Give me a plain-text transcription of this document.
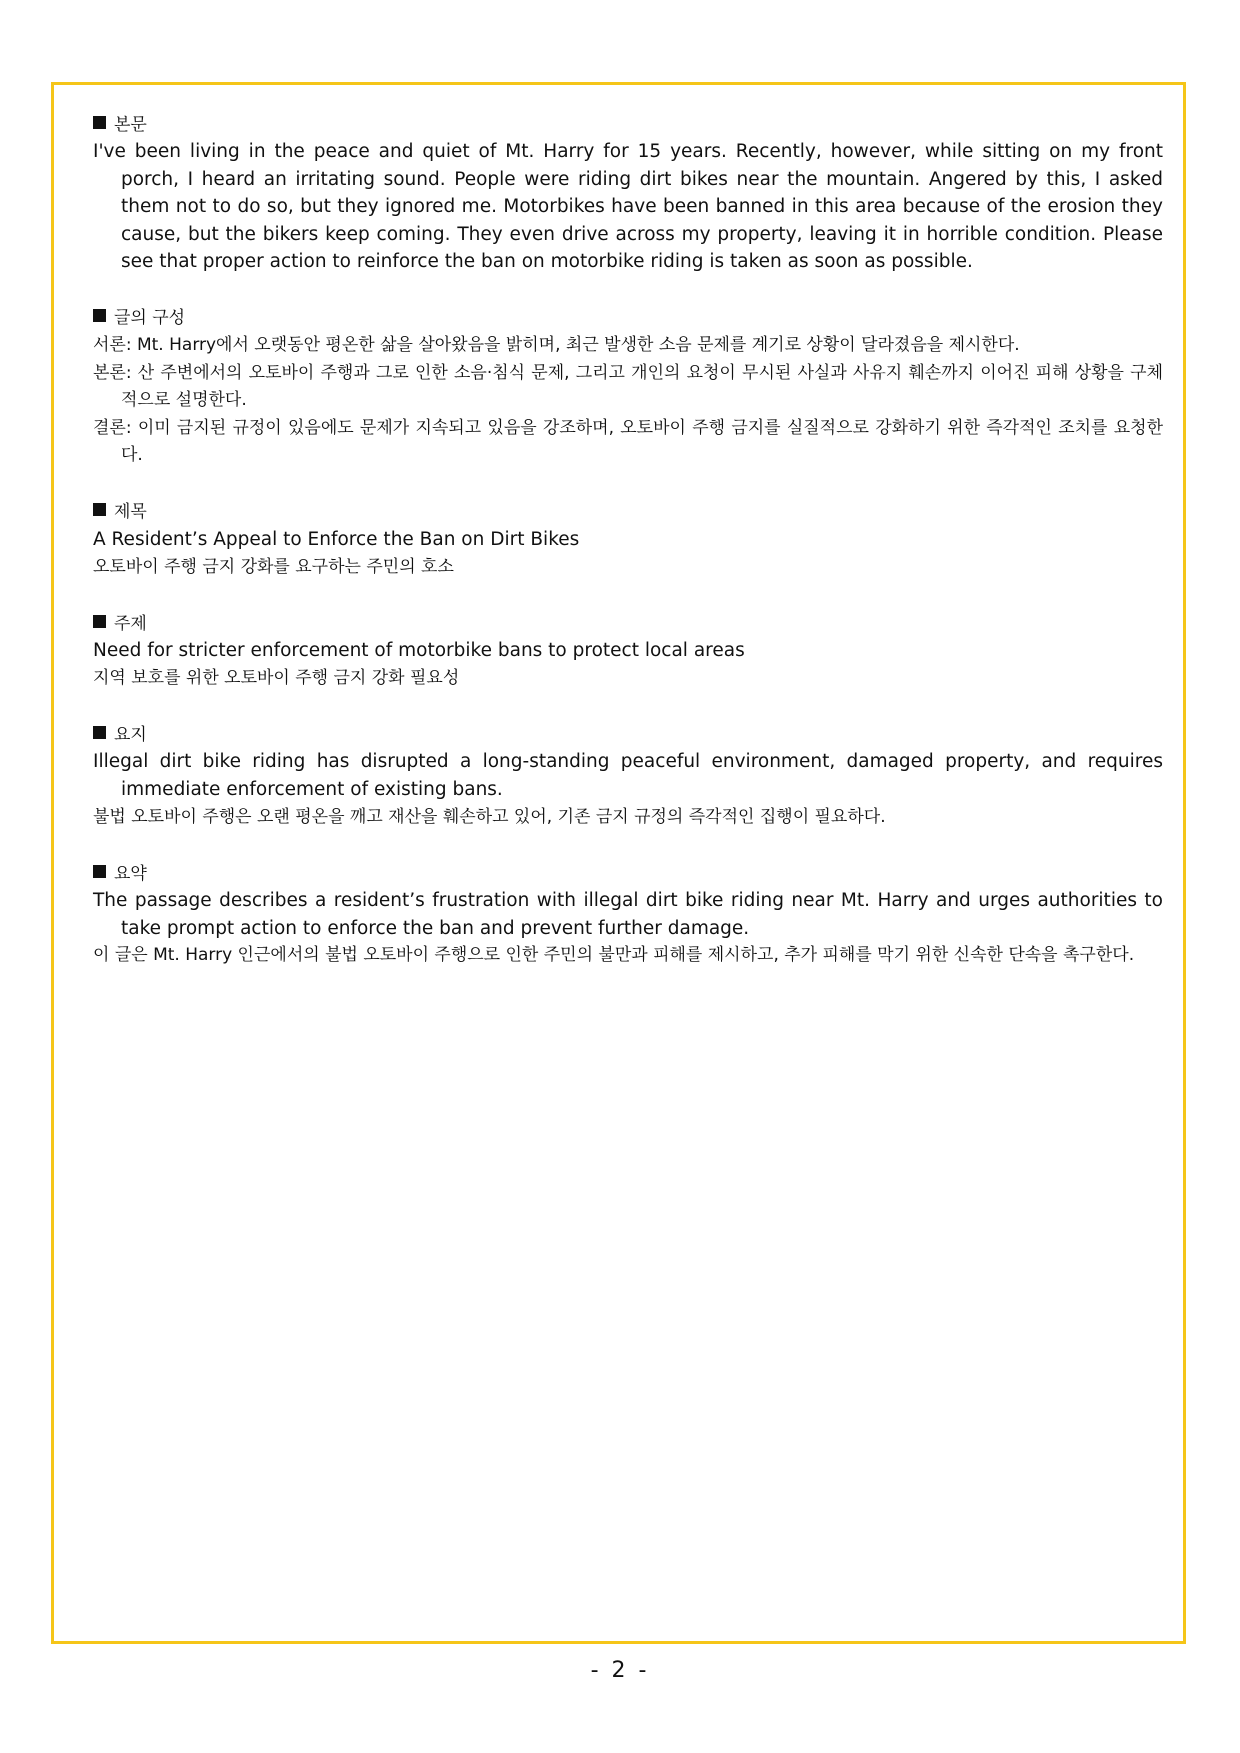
본문

I've been living in the peace and quiet of Mt. Harry for 15 years. Recently, however, while sitting on my front porch, I heard an irritating sound. People were riding dirt bikes near the mountain. Angered by this, I asked them not to do so, but they ignored me. Motorbikes have been banned in this area because of the erosion they cause, but the bikers keep coming. They even drive across my property, leaving it in horrible condition. Please see that proper action to reinforce the ban on motorbike riding is taken as soon as possible.

글의 구성

서론: Mt. Harry에서 오랫동안 평온한 삶을 살아왔음을 밝히며, 최근 발생한 소음 문제를 계기로 상황이 달라졌음을 제시한다.

본론: 산 주변에서의 오토바이 주행과 그로 인한 소음·침식 문제, 그리고 개인의 요청이 무시된 사실과 사유지 훼손까지 이어진 피해 상황을 구체적으로 설명한다.

결론: 이미 금지된 규정이 있음에도 문제가 지속되고 있음을 강조하며, 오토바이 주행 금지를 실질적으로 강화하기 위한 즉각적인 조치를 요청한다.

제목

A Resident’s Appeal to Enforce the Ban on Dirt Bikes

오토바이 주행 금지 강화를 요구하는 주민의 호소

주제

Need for stricter enforcement of motorbike bans to protect local areas

지역 보호를 위한 오토바이 주행 금지 강화 필요성

요지

Illegal dirt bike riding has disrupted a long-standing peaceful environment, damaged property, and requires immediate enforcement of existing bans.

불법 오토바이 주행은 오랜 평온을 깨고 재산을 훼손하고 있어, 기존 금지 규정의 즉각적인 집행이 필요하다.

요약

The passage describes a resident’s frustration with illegal dirt bike riding near Mt. Harry and urges authorities to take prompt action to enforce the ban and prevent further damage.

이 글은 Mt. Harry 인근에서의 불법 오토바이 주행으로 인한 주민의 불만과 피해를 제시하고, 추가 피해를 막기 위한 신속한 단속을 촉구한다.

- 2 -
